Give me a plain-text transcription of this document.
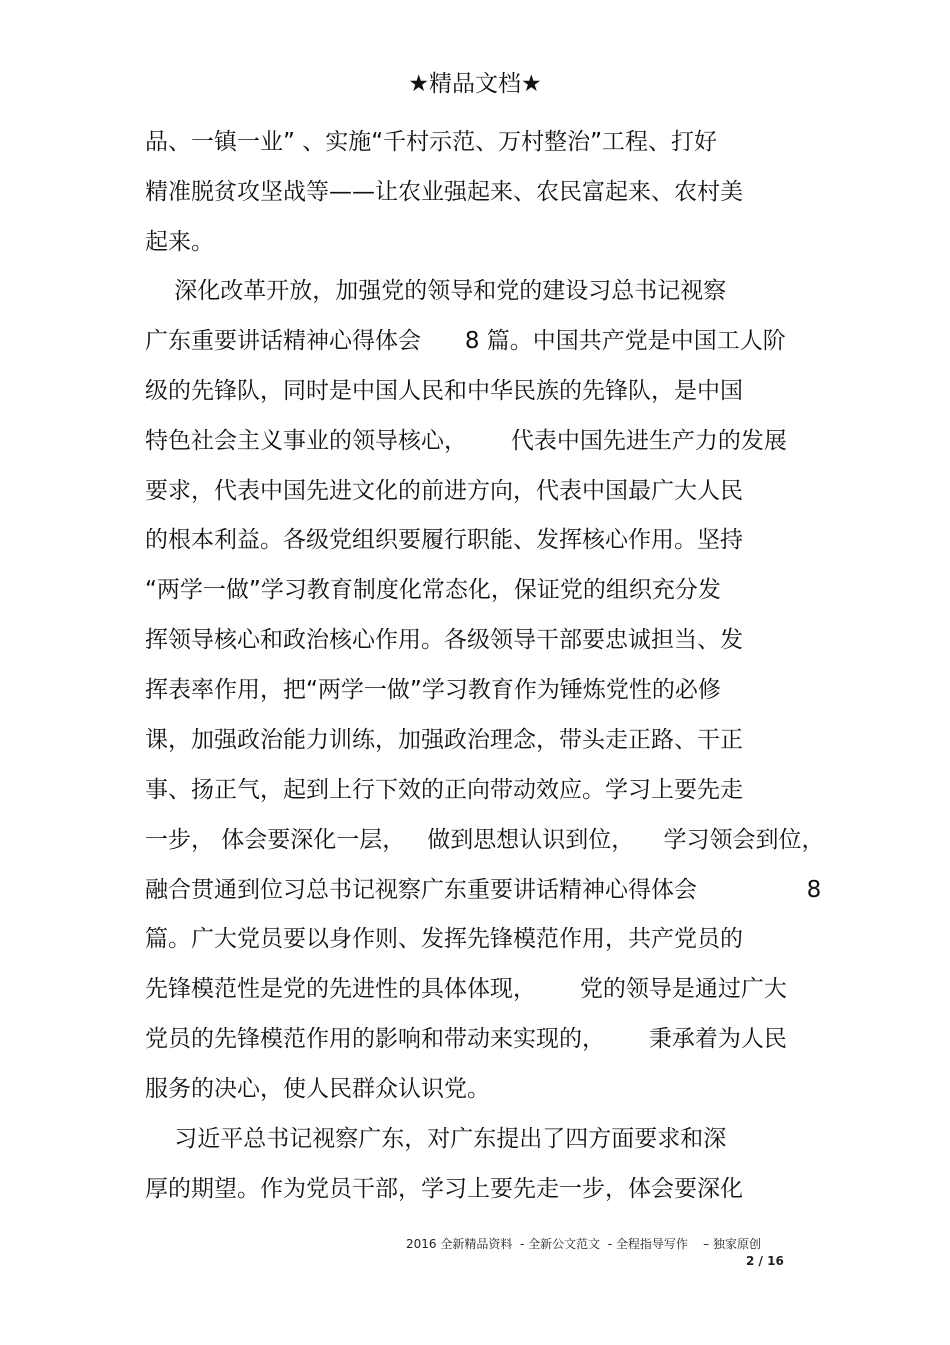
★精品文档★
品、一镇一业” 、实施“千村示范、万村整治”工程、打好
精准脱贫攻坚战等——让农业强起来、农民富起来、农村美
起来。
深化改革开放，加强党的领导和党的建设习总书记视察
广东重要讲话精神心得体会      8 篇。中国共产党是中国工人阶
级的先锋队，同时是中国人民和中华民族的先锋队，是中国
特色社会主义事业的领导核心，      代表中国先进生产力的发展
要求，代表中国先进文化的前进方向，代表中国最广大人民
的根本利益。各级党组织要履行职能、发挥核心作用。坚持
“两学一做”学习教育制度化常态化，保证党的组织充分发
挥领导核心和政治核心作用。各级领导干部要忠诚担当、发
挥表率作用，把“两学一做”学习教育作为锤炼党性的必修
课，加强政治能力训练，加强政治理念，带头走正路、干正
事、扬正气，起到上行下效的正向带动效应。学习上要先走
一步， 体会要深化一层，   做到思想认识到位，    学习领会到位，
融合贯通到位习总书记视察广东重要讲话精神心得体会               8
篇。广大党员要以身作则、发挥先锋模范作用，共产党员的
先锋模范性是党的先进性的具体体现，      党的领导是通过广大
党员的先锋模范作用的影响和带动来实现的，      秉承着为人民
服务的决心，使人民群众认识党。
习近平总书记视察广东，对广东提出了四方面要求和深
厚的期望。作为党员干部，学习上要先走一步，体会要深化
2016 全新精品资料  - 全新公文范文  - 全程指导写作    – 独家原创
2 / 16
